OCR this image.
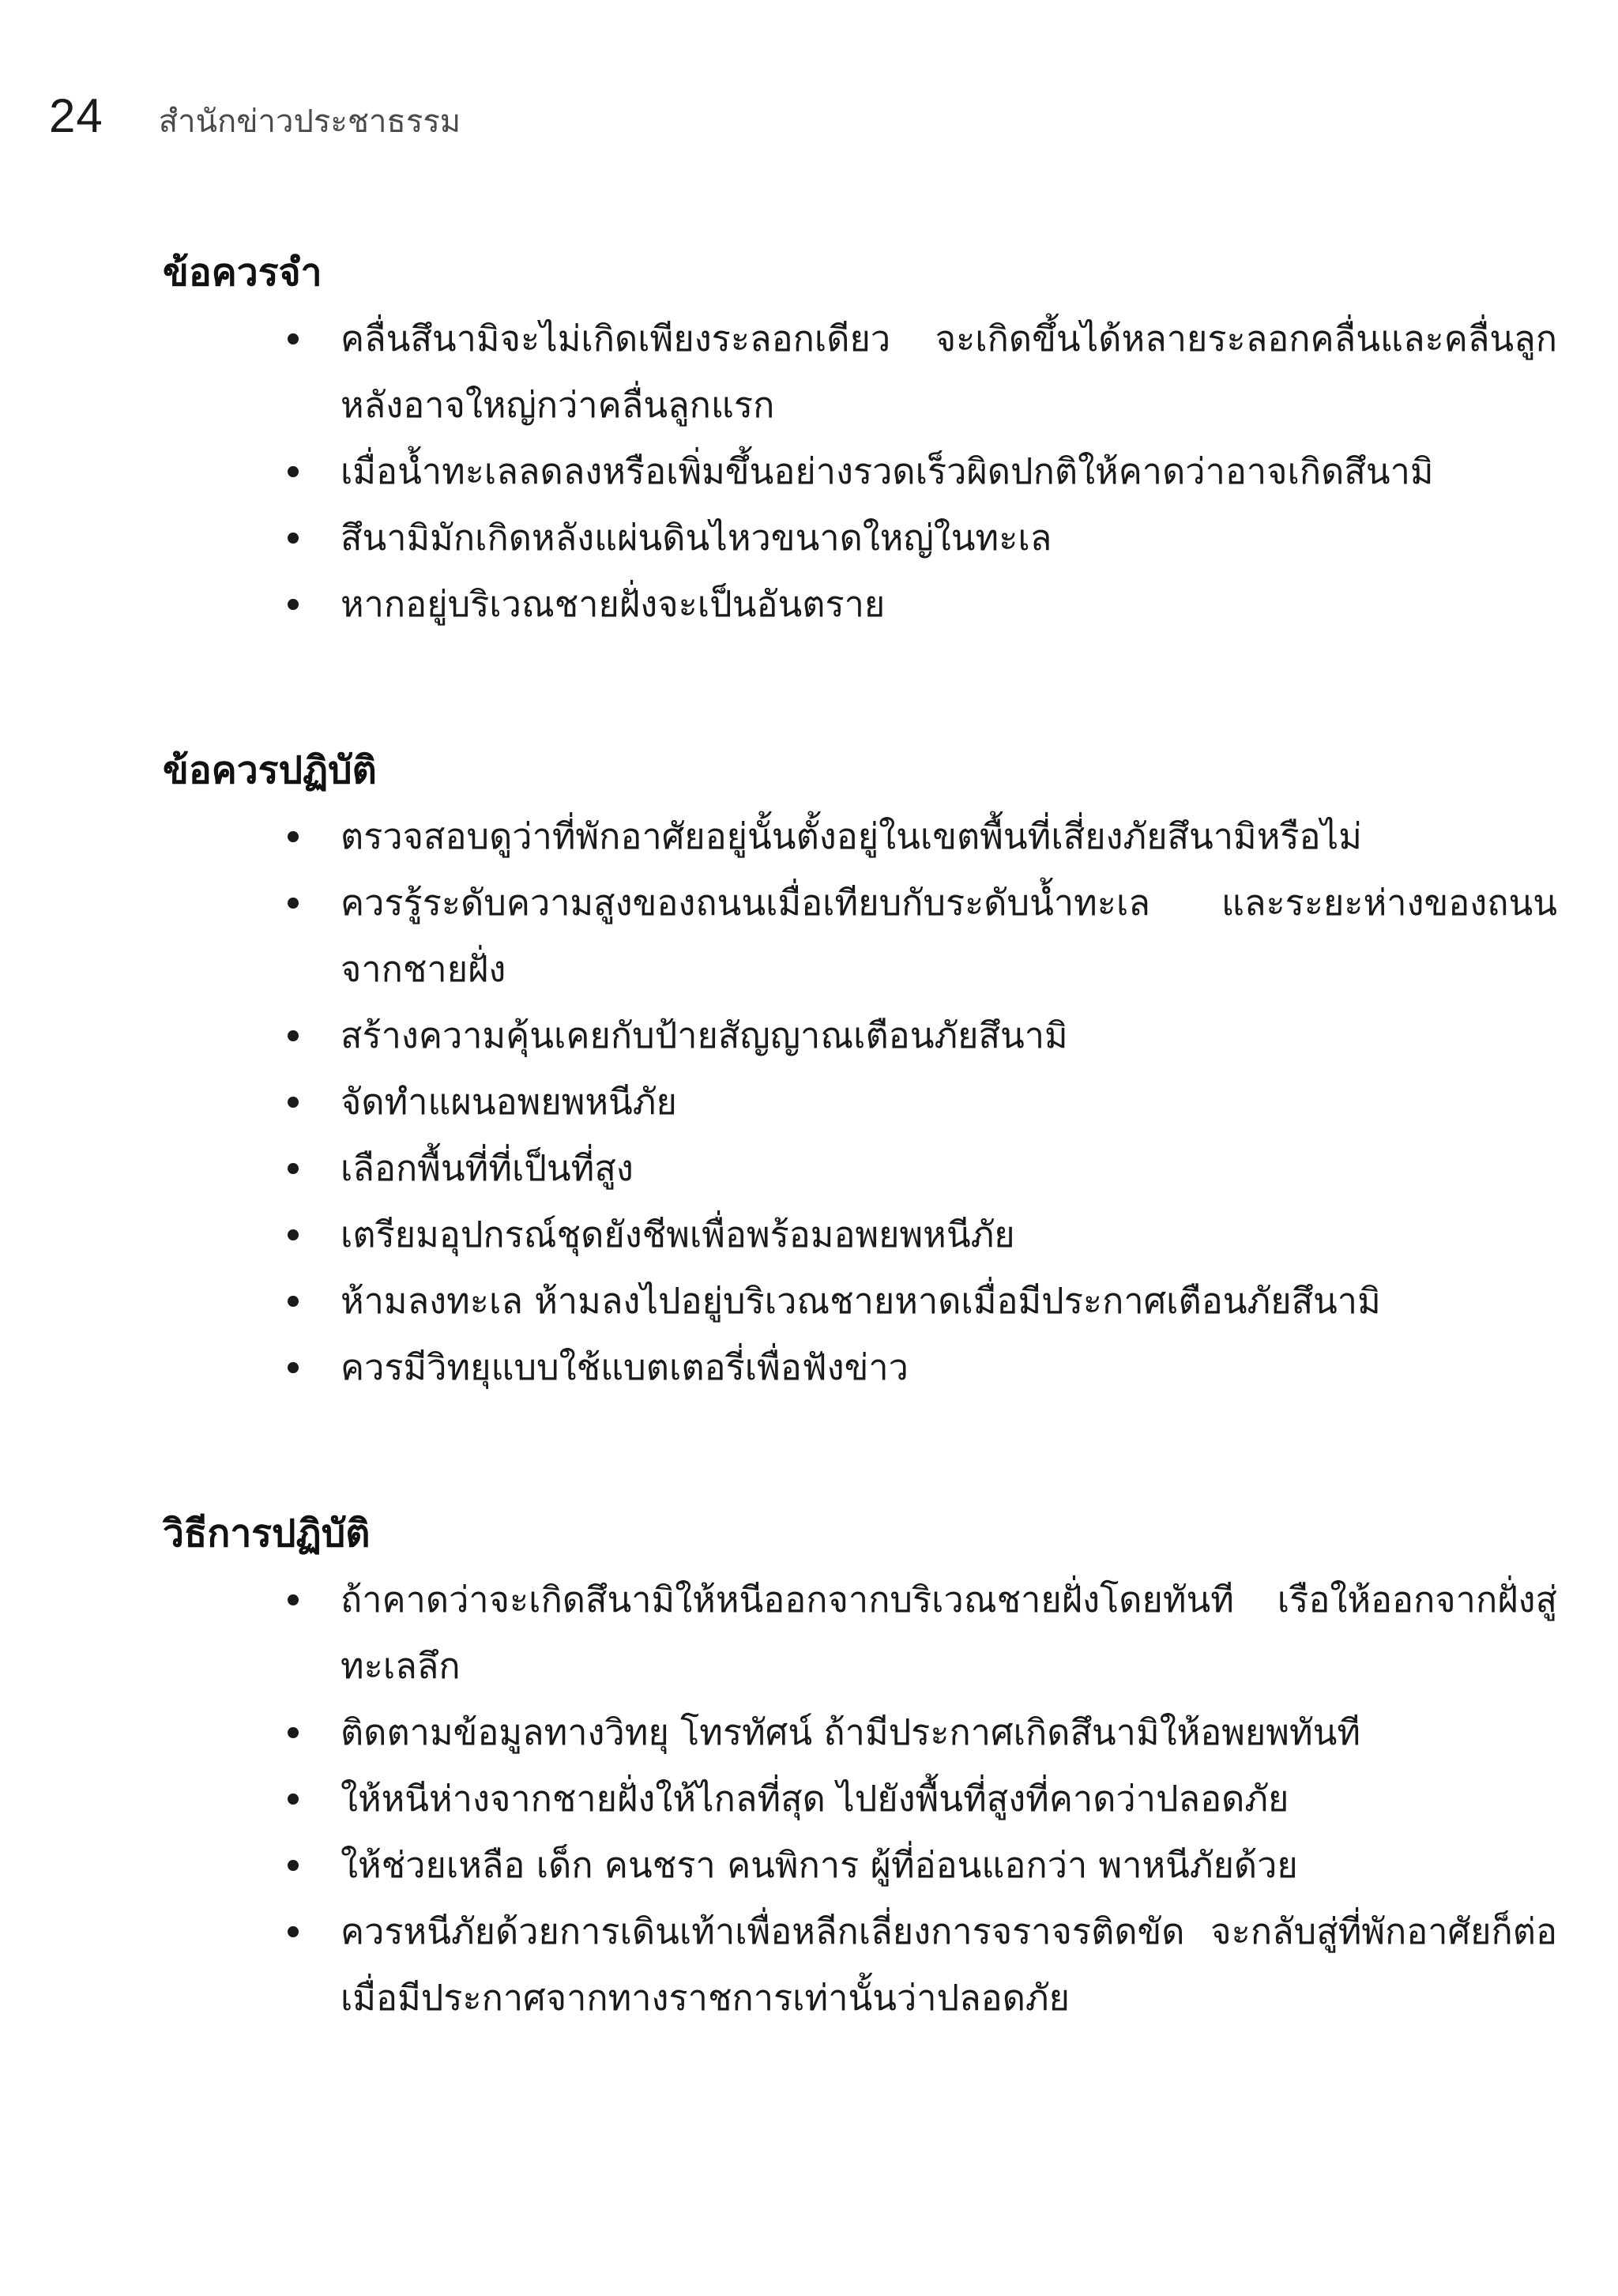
24 สำนักข่าวประชาธรรม
ข้อควรจำ
คลื่นสึนามิจะไม่เกิดเพียงระลอกเดียว จะเกิดขึ้นได้หลายระลอกคลื่นและคลื่นลูกหลังอาจใหญ่กว่าคลื่นลูกแรก
เมื่อน้ำทะเลลดลงหรือเพิ่มขึ้นอย่างรวดเร็วผิดปกติให้คาดว่าอาจเกิดสึนามิ
สึนามิมักเกิดหลังแผ่นดินไหวขนาดใหญ่ในทะเล
หากอยู่บริเวณชายฝั่งจะเป็นอันตราย
ข้อควรปฏิบัติ
ตรวจสอบดูว่าที่พักอาศัยอยู่นั้นตั้งอยู่ในเขตพื้นที่เสี่ยงภัยสึนามิหรือไม่
ควรรู้ระดับความสูงของถนนเมื่อเทียบกับระดับน้ำทะเล และระยะห่างของถนนจากชายฝั่ง
สร้างความคุ้นเคยกับป้ายสัญญาณเตือนภัยสึนามิ
จัดทำแผนอพยพหนีภัย
เลือกพื้นที่ที่เป็นที่สูง
เตรียมอุปกรณ์ชุดยังชีพเพื่อพร้อมอพยพหนีภัย
ห้ามลงทะเล ห้ามลงไปอยู่บริเวณชายหาดเมื่อมีประกาศเตือนภัยสึนามิ
ควรมีวิทยุแบบใช้แบตเตอรี่เพื่อฟังข่าว
วิธีการปฏิบัติ
ถ้าคาดว่าจะเกิดสึนามิให้หนีออกจากบริเวณชายฝั่งโดยทันที เรือให้ออกจากฝั่งสู่ทะเลลึก
ติดตามข้อมูลทางวิทยุ โทรทัศน์ ถ้ามีประกาศเกิดสึนามิให้อพยพทันที
ให้หนีห่างจากชายฝั่งให้ไกลที่สุด ไปยังพื้นที่สูงที่คาดว่าปลอดภัย
ให้ช่วยเหลือ เด็ก คนชรา คนพิการ ผู้ที่อ่อนแอกว่า พาหนีภัยด้วย
ควรหนีภัยด้วยการเดินเท้าเพื่อหลีกเลี่ยงการจราจรติดขัด จะกลับสู่ที่พักอาศัยก็ต่อเมื่อมีประกาศจากทางราชการเท่านั้นว่าปลอดภัย
